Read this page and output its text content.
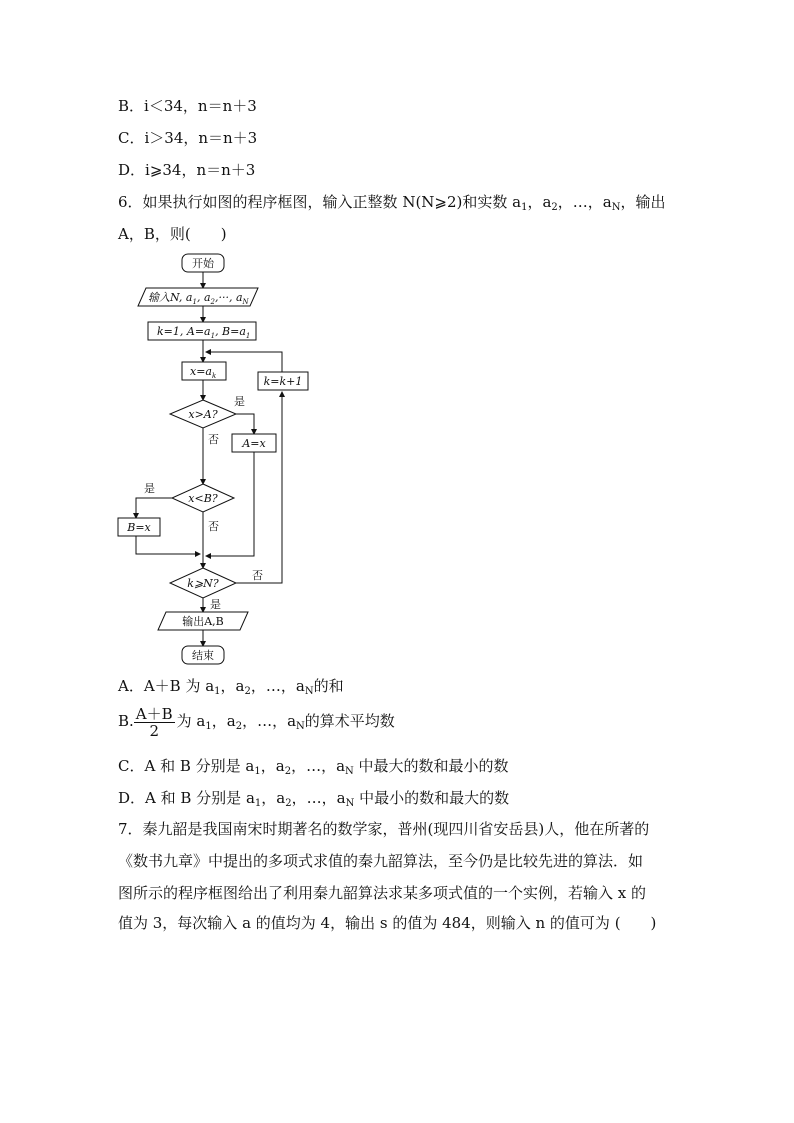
B．i＜34，n＝n＋3
C．i＞34，n＝n＋3
D．i⩾34，n＝n＋3
6．如果执行如图的程序框图，输入正整数 N(N⩾2)和实数 $a_1$，$a_2$，…，$a_N$，输出
A，B，则(　　)
开始
输入N, $a_1$, $a_2,\cdot\cdot\cdot$, $a_N$
k=1, $A=a_1$, $B=a_1$
$x=a_k$
x>A?
是
否 A=x
x<B?
是
否
B=x
k⩾N?
否
是
k=k+1
输出A,B
结束
A．A＋B 为 $a_1$，$a_2$，…，$a_N$的和
B. $\frac{A+B}{2}$ 为 $a_1$，$a_2$，…，$a_N$的算术平均数
C．A 和 B 分别是 $a_1$，$a_2$，…，$a_N$ 中最大的数和最小的数
D．A 和 B 分别是 $a_1$，$a_2$，…，$a_N$ 中最小的数和最大的数
7．秦九韶是我国南宋时期著名的数学家，普州(现四川省安岳县)人，他在所著的
《数书九章》中提出的多项式求值的秦九韶算法，至今仍是比较先进的算法．如
图所示的程序框图给出了利用秦九韶算法求某多项式值的一个实例，若输入 x 的
值为 3，每次输入 a 的值均为 4，输出 s 的值为 484，则输入 n 的值可为 (　　)
